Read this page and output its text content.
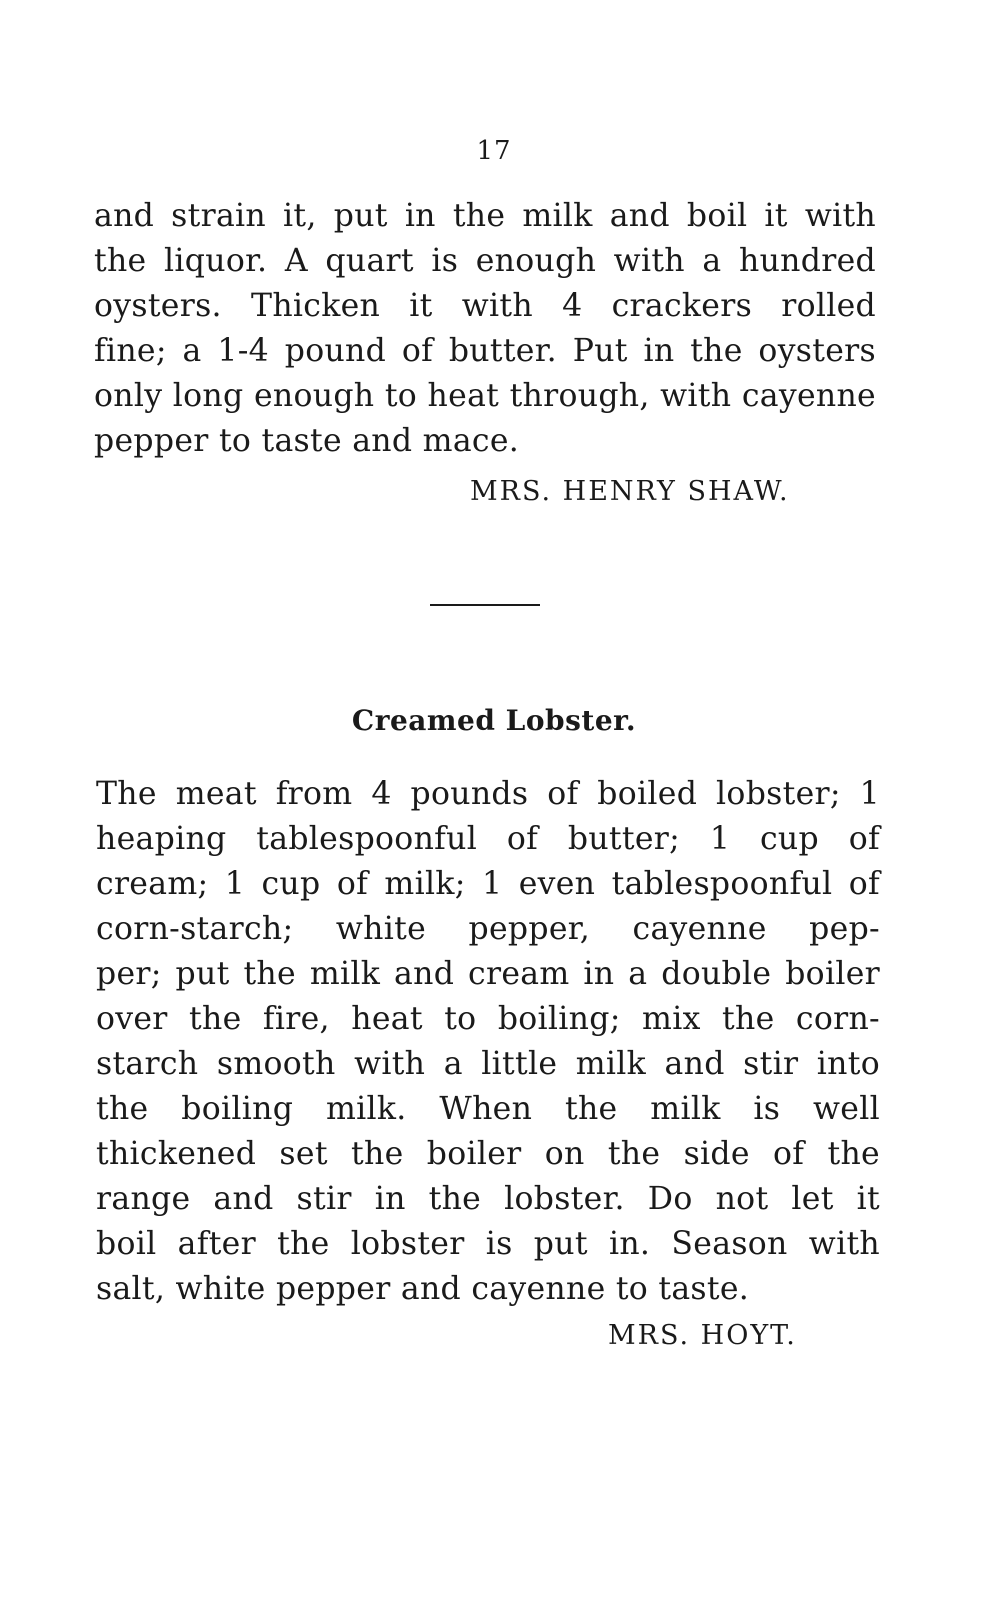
17
and strain it, put in the milk and boil it with
the liquor. A quart is enough with a hundred
oysters. Thicken it with 4 crackers rolled
fine; a 1-4 pound of butter. Put in the oysters
only long enough to heat through, with cayenne
pepper to taste and mace.
MRS. HENRY SHAW.
Creamed Lobster.
The meat from 4 pounds of boiled lobster; 1
heaping tablespoonful of butter; 1 cup of
cream; 1 cup of milk; 1 even tablespoonful of
corn-starch; white pepper, cayenne pep-
per; put the milk and cream in a double boiler
over the fire, heat to boiling; mix the corn-
starch smooth with a little milk and stir into
the boiling milk. When the milk is well
thickened set the boiler on the side of the
range and stir in the lobster. Do not let it
boil after the lobster is put in. Season with
salt, white pepper and cayenne to taste.
MRS. HOYT.
